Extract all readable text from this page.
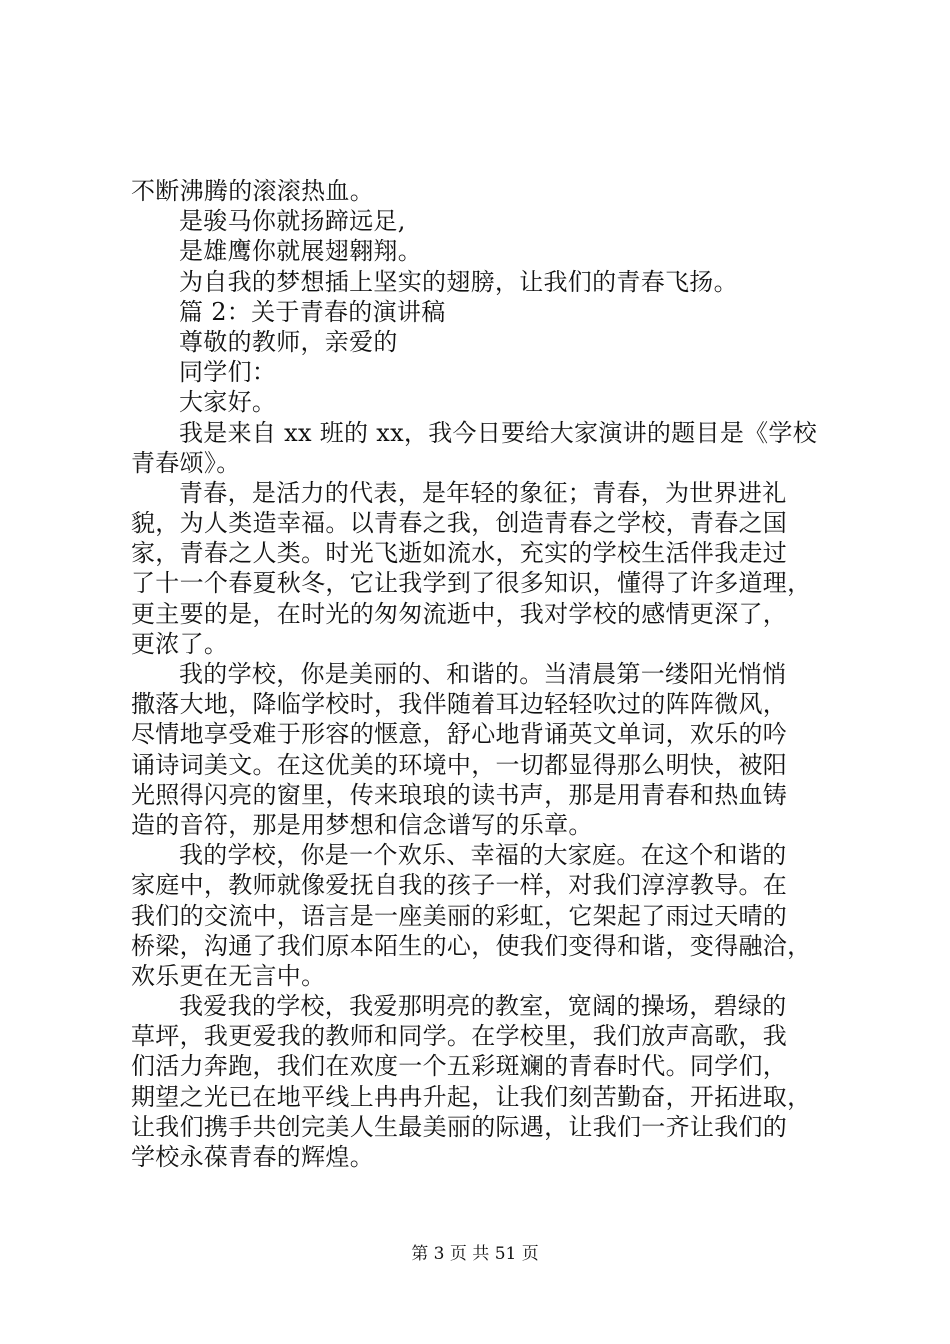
不断沸腾的滚滚热血。
是骏马你就扬蹄远足,
是雄鹰你就展翅翱翔。
为自我的梦想插上坚实的翅膀，让我们的青春飞扬。
篇 2：关于青春的演讲稿
尊敬的教师，亲爱的
同学们：
大家好。
我是来自 xx 班的 xx，我今日要给大家演讲的题目是《学校
青春颂》。
青春，是活力的代表，是年轻的象征；青春，为世界进礼
貌，为人类造幸福。以青春之我，创造青春之学校，青春之国
家，青春之人类。时光飞逝如流水，充实的学校生活伴我走过
了十一个春夏秋冬，它让我学到了很多知识，懂得了许多道理，
更主要的是，在时光的匆匆流逝中，我对学校的感情更深了，
更浓了。
我的学校，你是美丽的、和谐的。当清晨第一缕阳光悄悄
撒落大地，降临学校时，我伴随着耳边轻轻吹过的阵阵微风，
尽情地享受难于形容的惬意，舒心地背诵英文单词，欢乐的吟
诵诗词美文。在这优美的环境中，一切都显得那么明快，被阳
光照得闪亮的窗里，传来琅琅的读书声，那是用青春和热血铸
造的音符，那是用梦想和信念谱写的乐章。
我的学校，你是一个欢乐、幸福的大家庭。在这个和谐的
家庭中，教师就像爱抚自我的孩子一样，对我们淳淳教导。在
我们的交流中，语言是一座美丽的彩虹，它架起了雨过天晴的
桥梁，沟通了我们原本陌生的心，使我们变得和谐，变得融洽，
欢乐更在无言中。
我爱我的学校，我爱那明亮的教室，宽阔的操场，碧绿的
草坪，我更爱我的教师和同学。在学校里，我们放声高歌，我
们活力奔跑，我们在欢度一个五彩斑斓的青春时代。同学们，
期望之光已在地平线上冉冉升起，让我们刻苦勤奋，开拓进取，
让我们携手共创完美人生最美丽的际遇，让我们一齐让我们的
学校永葆青春的辉煌。
第 3 页 共 51 页
